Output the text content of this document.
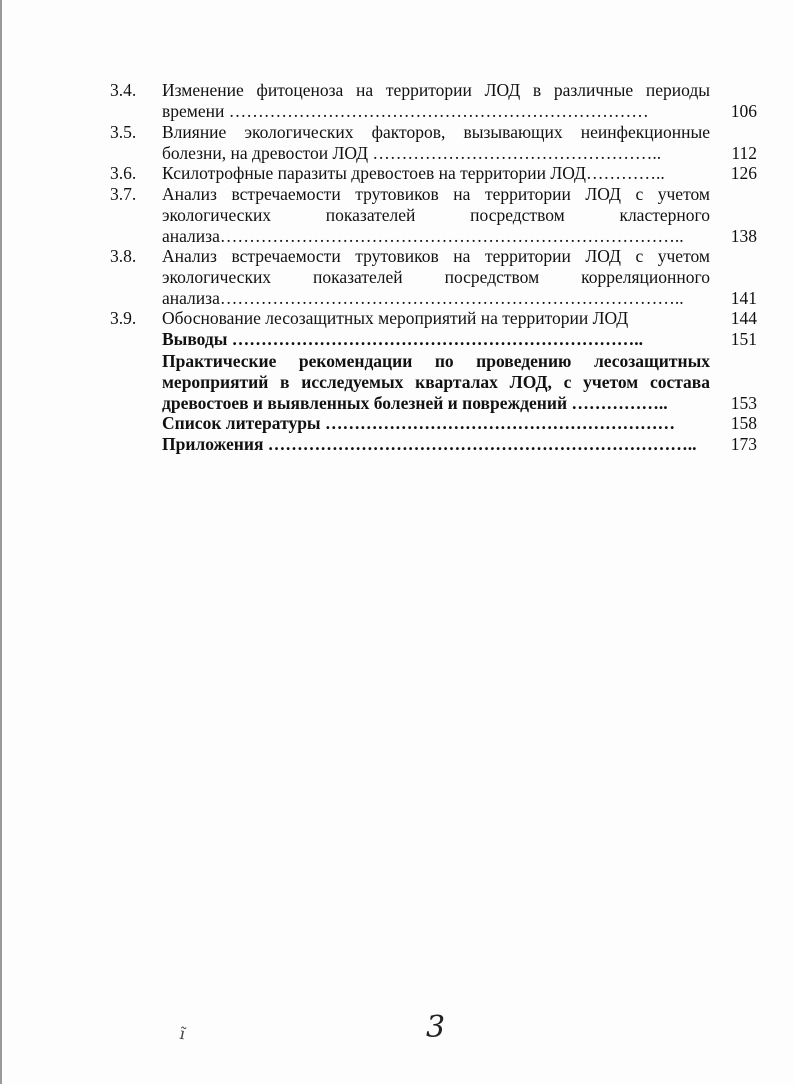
3.4. Изменение фитоценоза на территории ЛОД в различные периоды
времени ………………………………………………………………	106
3.5. Влияние экологических факторов, вызывающих неинфекционные
болезни, на древостои ЛОД …………………………………………..	112
3.6. Ксилотрофные паразиты древостоев на территории ЛОД…………..	126
3.7. Анализ встречаемости трутовиков на территории ЛОД с учетом
экологических показателей посредством кластерного
анализа……………………………………………………………………..	138
3.8. Анализ встречаемости трутовиков на территории ЛОД с учетом
экологических показателей посредством корреляционного
анализа……………………………………………………………………..	141
3.9. Обоснование лесозащитных мероприятий на территории ЛОД	144
Выводы ……………………………………………………………..	151
Практические рекомендации по проведению лесозащитных
мероприятий в исследуемых кварталах ЛОД, с учетом состава
древостоев и выявленных болезней и повреждений ……………..	153
Список литературы ……………………………………………………	158
Приложения ………………………………………………………………..	173
ĩ	3
